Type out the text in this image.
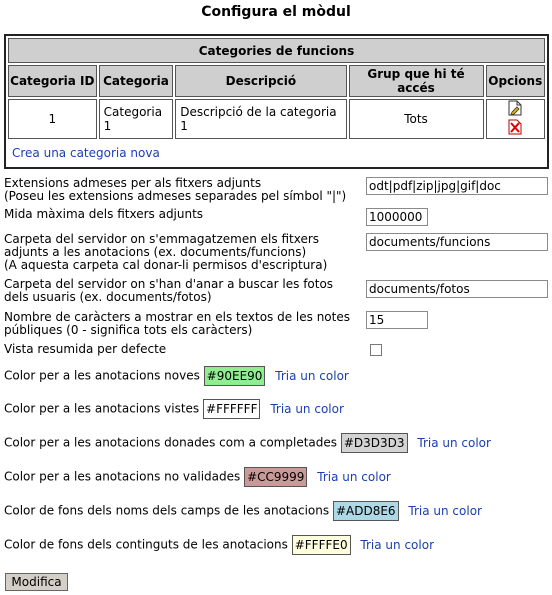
Configura el mòdul
Categories de funcions				
Categoria ID	Categoria	Descripció	Grup que hi té accés	Opcions
1	Categoria 1	Descripció de la categoria 1	Tots	
Crea una categoria nova				
Extensions admeses per als fitxers adjunts
(Poseu les extensions admeses separades pel símbol "|")
odt|pdf|zip|jpg|gif|doc
Mida màxima dels fitxers adjunts	1000000
Carpeta del servidor on s'emmagatzemen els fitxers adjunts a les anotacions (ex. documents/funcions)
(A aquesta carpeta cal donar-li permisos d'escriptura)
documents/funcions
Carpeta del servidor on s'han d'anar a buscar les fotos dels usuaris (ex. documents/fotos)
documents/fotos
Nombre de caràcters a mostrar en els textos de les notes públiques (0 - significa tots els caràcters)
15
Vista resumida per defecte
Color per a les anotacions noves #90EE90 Tria un color
Color per a les anotacions vistes #FFFFFF Tria un color
Color per a les anotacions donades com a completades #D3D3D3 Tria un color
Color per a les anotacions no validades #CC9999 Tria un color
Color de fons dels noms dels camps de les anotacions #ADD8E6 Tria un color
Color de fons dels continguts de les anotacions #FFFFE0 Tria un color
Modifica
